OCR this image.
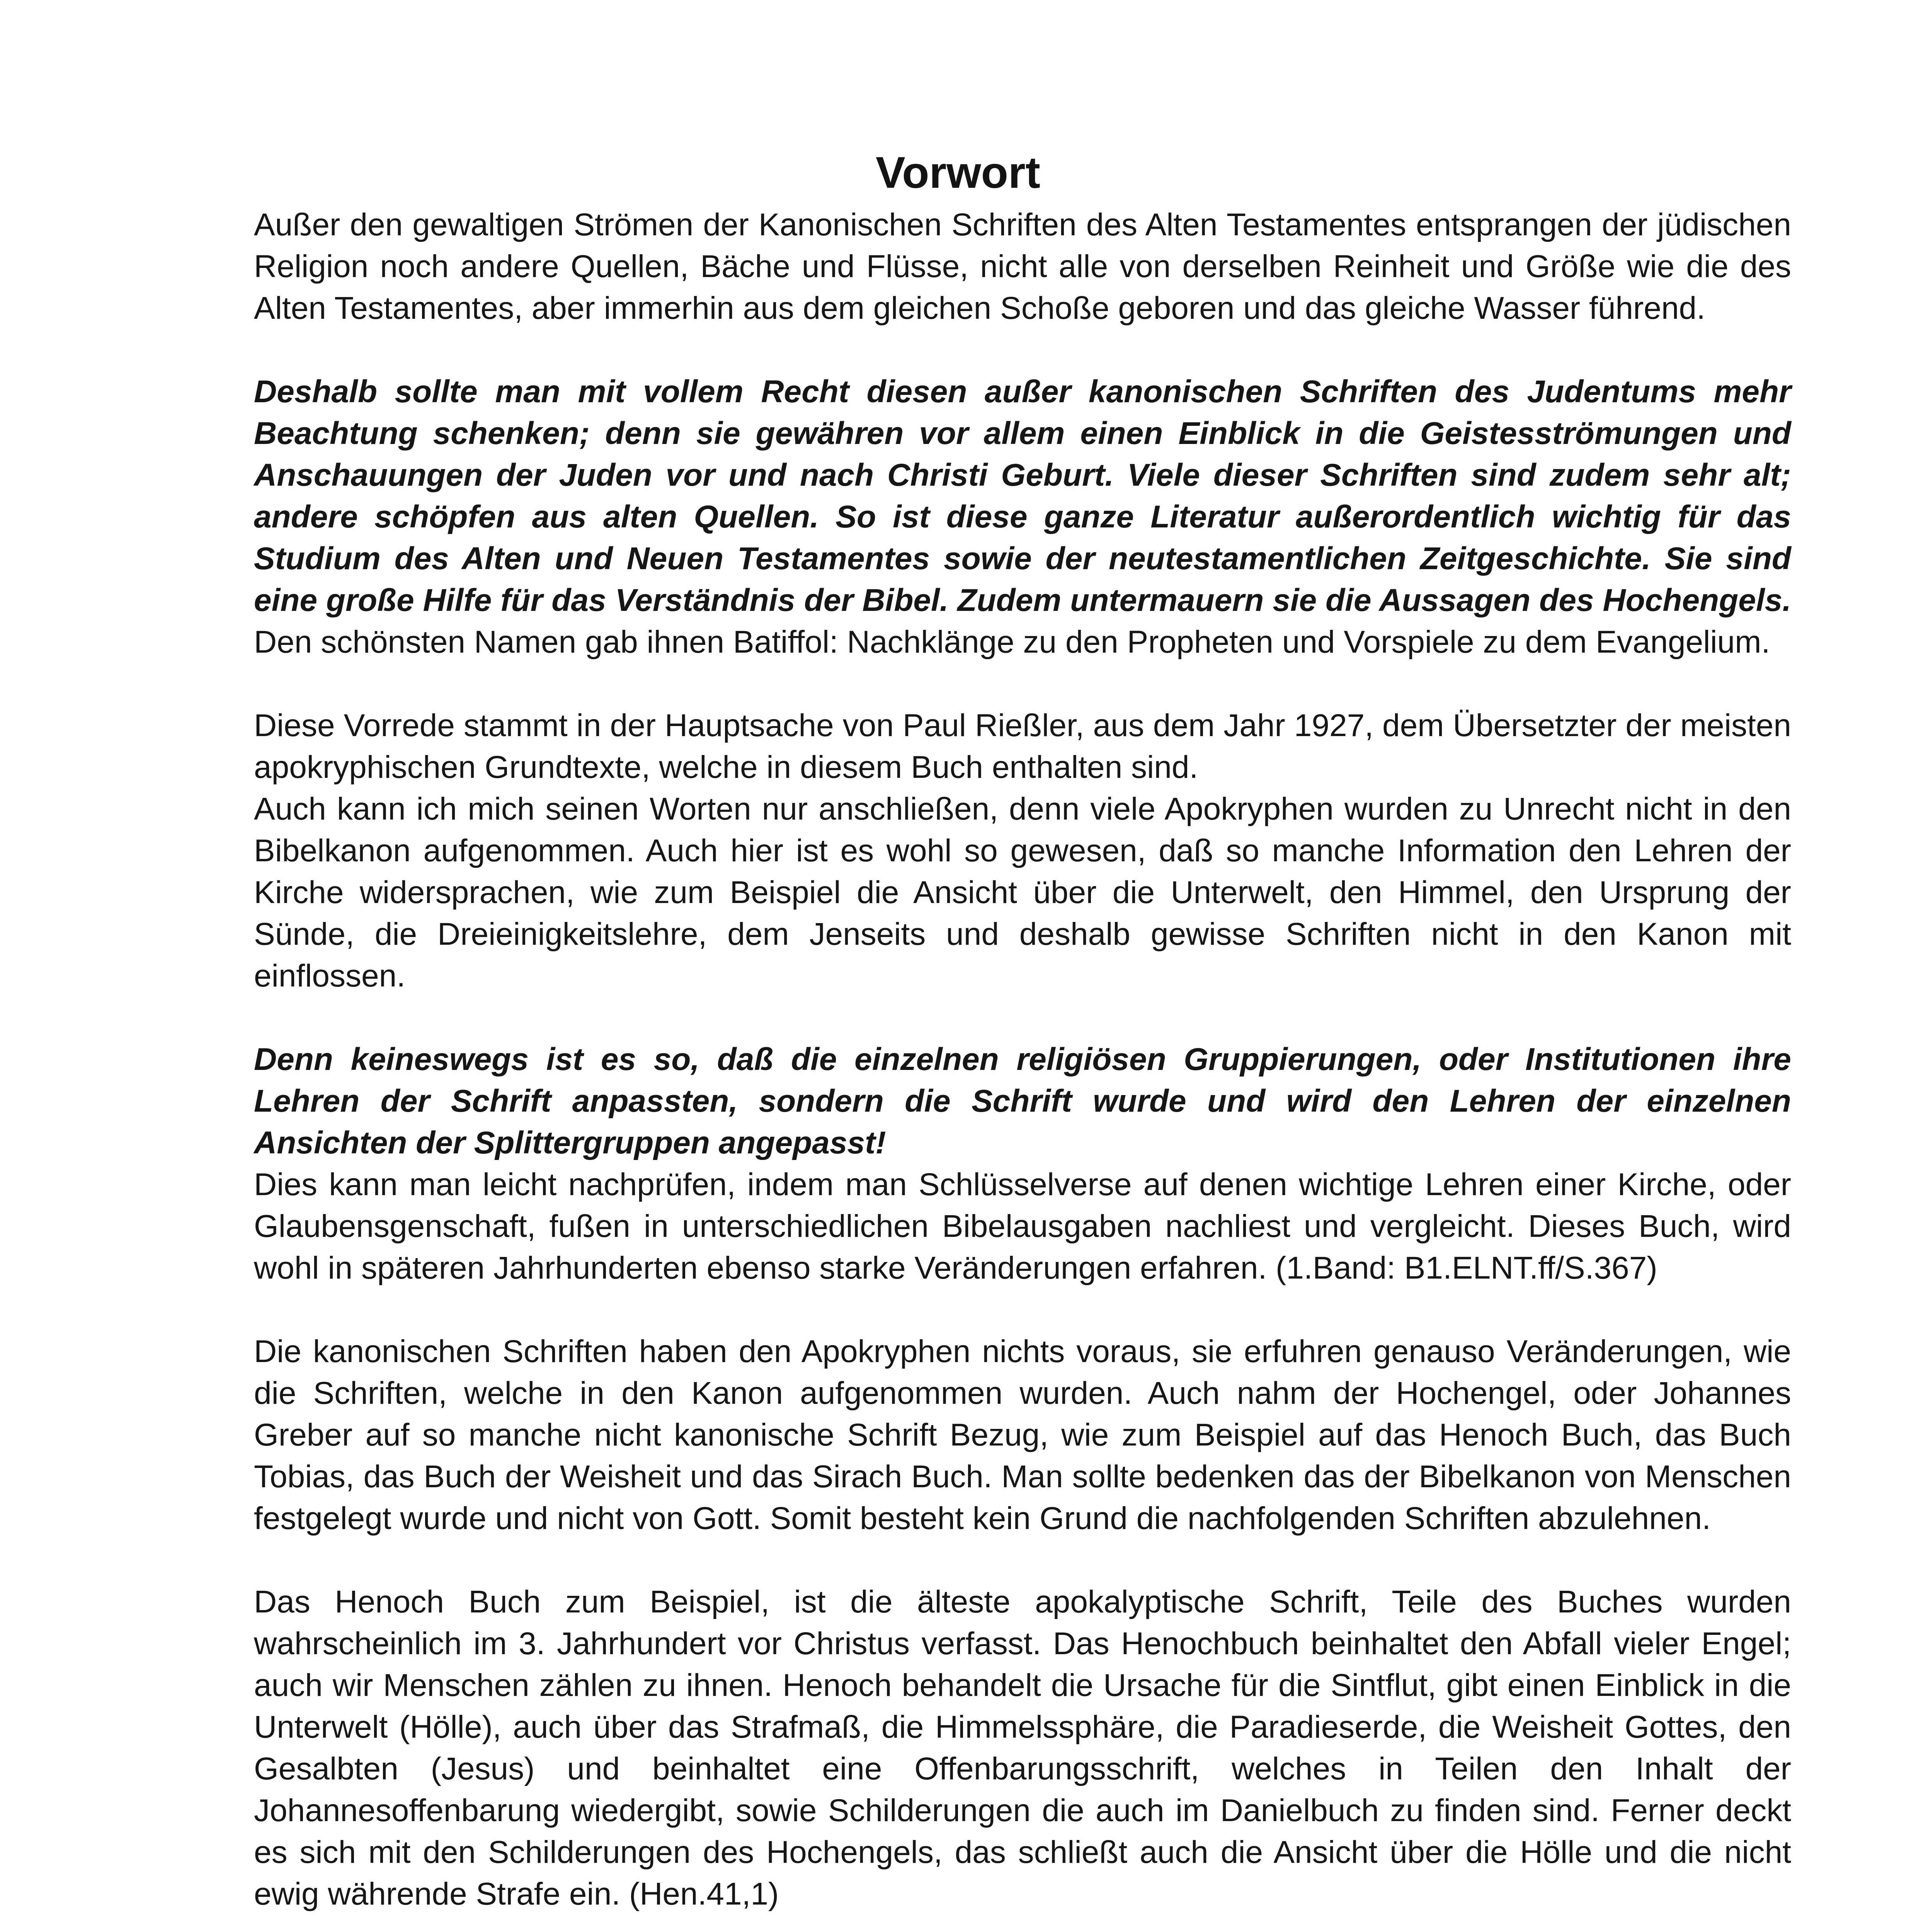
Vorwort

Außer den gewaltigen Strömen der Kanonischen Schriften des Alten Testamentes entsprangen der jüdischen Religion noch andere Quellen, Bäche und Flüsse, nicht alle von derselben Reinheit und Größe wie die des Alten Testamentes, aber immerhin aus dem gleichen Schoße geboren und das gleiche Wasser führend.

Deshalb sollte man mit vollem Recht diesen außer kanonischen Schriften des Judentums mehr Beachtung schenken; denn sie gewähren vor allem einen Einblick in die Geistesströmungen und Anschauungen der Juden vor und nach Christi Geburt. Viele dieser Schriften sind zudem sehr alt; andere schöpfen aus alten Quellen. So ist diese ganze Literatur außerordentlich wichtig für das Studium des Alten und Neuen Testamentes sowie der neutestamentlichen Zeitgeschichte. Sie sind eine große Hilfe für das Verständnis der Bibel. Zudem untermauern sie die Aussagen des Hochengels. Den schönsten Namen gab ihnen Batiffol: Nachklänge zu den Propheten und Vorspiele zu dem Evangelium.

Diese Vorrede stammt in der Hauptsache von Paul Rießler, aus dem Jahr 1927, dem Übersetzter der meisten apokryphischen Grundtexte, welche in diesem Buch enthalten sind.

Auch kann ich mich seinen Worten nur anschließen, denn viele Apokryphen wurden zu Unrecht nicht in den Bibelkanon aufgenommen. Auch hier ist es wohl so gewesen, daß so manche Information den Lehren der Kirche widersprachen, wie zum Beispiel die Ansicht über die Unterwelt, den Himmel, den Ursprung der Sünde, die Dreieinigkeitslehre, dem Jenseits und deshalb gewisse Schriften nicht in den Kanon mit einflossen.

Denn keineswegs ist es so, daß die einzelnen religiösen Gruppierungen, oder Institutionen ihre Lehren der Schrift anpassten, sondern die Schrift wurde und wird den Lehren der einzelnen Ansichten der Splittergruppen angepasst!

Dies kann man leicht nachprüfen, indem man Schlüsselverse auf denen wichtige Lehren einer Kirche, oder Glaubensgenschaft, fußen in unterschiedlichen Bibelausgaben nachliest und vergleicht. Dieses Buch, wird wohl in späteren Jahrhunderten ebenso starke Veränderungen erfahren. (1.Band: B1.ELNT.ff/S.367)

Die kanonischen Schriften haben den Apokryphen nichts voraus, sie erfuhren genauso Veränderungen, wie die Schriften, welche in den Kanon aufgenommen wurden. Auch nahm der Hochengel, oder Johannes Greber auf so manche nicht kanonische Schrift Bezug, wie zum Beispiel auf das Henoch Buch, das Buch Tobias, das Buch der Weisheit und das Sirach Buch. Man sollte bedenken das der Bibelkanon von Menschen festgelegt wurde und nicht von Gott. Somit besteht kein Grund die nachfolgenden Schriften abzulehnen.

Das Henoch Buch zum Beispiel, ist die älteste apokalyptische Schrift, Teile des Buches wurden wahrscheinlich im 3. Jahrhundert vor Christus verfasst. Das Henochbuch beinhaltet den Abfall vieler Engel; auch wir Menschen zählen zu ihnen. Henoch behandelt die Ursache für die Sintflut, gibt einen Einblick in die Unterwelt (Hölle), auch über das Strafmaß, die Himmelssphäre, die Paradieserde, die Weisheit Gottes, den Gesalbten (Jesus) und beinhaltet eine Offenbarungsschrift, welches in Teilen den Inhalt der Johannesoffenbarung wiedergibt, sowie Schilderungen die auch im Danielbuch zu finden sind. Ferner deckt es sich mit den Schilderungen des Hochengels, das schließt auch die Ansicht über die Hölle und die nicht ewig währende Strafe ein. (Hen.41,1)
